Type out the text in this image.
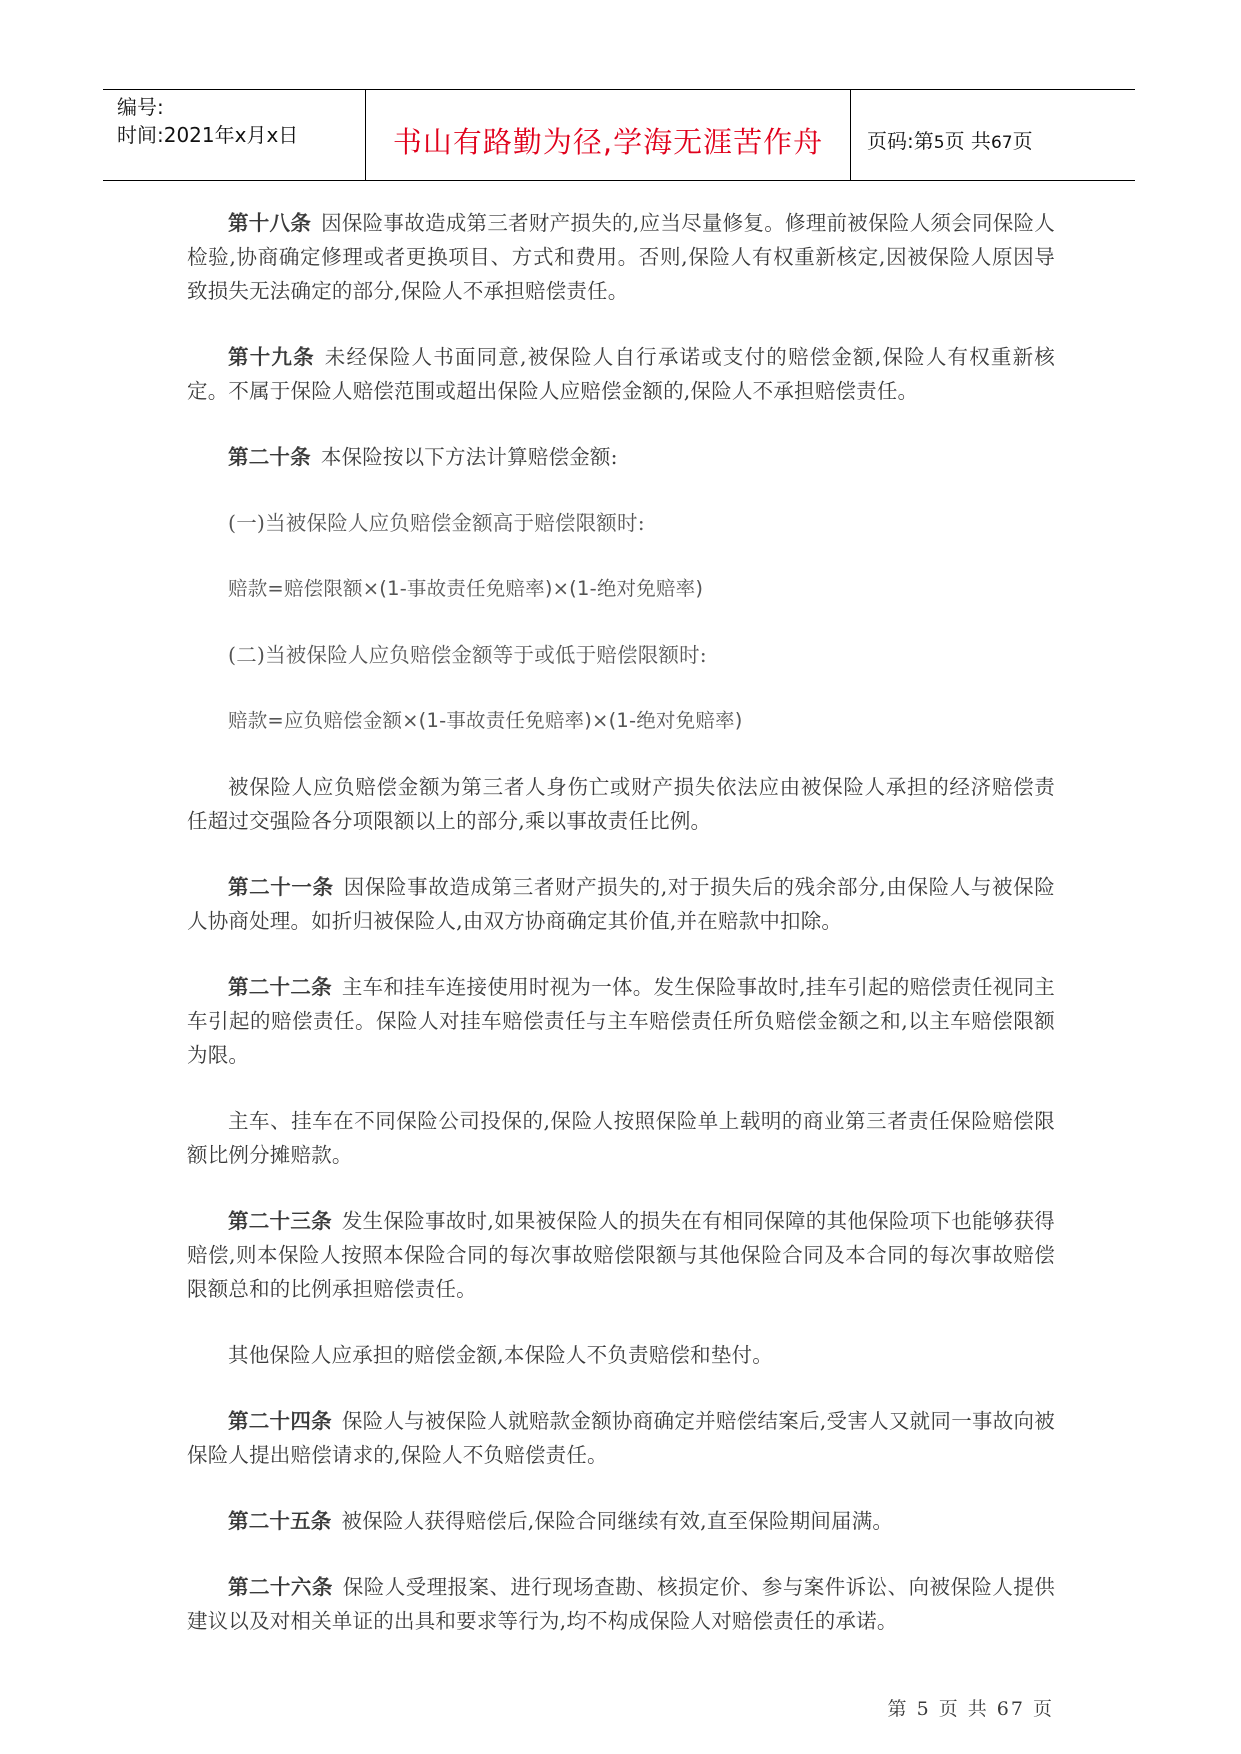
编号:
时间:2021年x月x日	书山有路勤为径,学海无涯苦作舟	页码:第5页 共67页

第十八条 因保险事故造成第三者财产损失的,应当尽量修复。修理前被保险人须会同保险人检验,协商确定修理或者更换项目、方式和费用。否则,保险人有权重新核定,因被保险人原因导致损失无法确定的部分,保险人不承担赔偿责任。

第十九条 未经保险人书面同意,被保险人自行承诺或支付的赔偿金额,保险人有权重新核定。不属于保险人赔偿范围或超出保险人应赔偿金额的,保险人不承担赔偿责任。

第二十条 本保险按以下方法计算赔偿金额:

(一)当被保险人应负赔偿金额高于赔偿限额时:

赔款=赔偿限额×(1-事故责任免赔率)×(1-绝对免赔率)

(二)当被保险人应负赔偿金额等于或低于赔偿限额时:

赔款=应负赔偿金额×(1-事故责任免赔率)×(1-绝对免赔率)

被保险人应负赔偿金额为第三者人身伤亡或财产损失依法应由被保险人承担的经济赔偿责任超过交强险各分项限额以上的部分,乘以事故责任比例。

第二十一条 因保险事故造成第三者财产损失的,对于损失后的残余部分,由保险人与被保险人协商处理。如折归被保险人,由双方协商确定其价值,并在赔款中扣除。

第二十二条 主车和挂车连接使用时视为一体。发生保险事故时,挂车引起的赔偿责任视同主车引起的赔偿责任。保险人对挂车赔偿责任与主车赔偿责任所负赔偿金额之和,以主车赔偿限额为限。

主车、挂车在不同保险公司投保的,保险人按照保险单上载明的商业第三者责任保险赔偿限额比例分摊赔款。

第二十三条 发生保险事故时,如果被保险人的损失在有相同保障的其他保险项下也能够获得赔偿,则本保险人按照本保险合同的每次事故赔偿限额与其他保险合同及本合同的每次事故赔偿限额总和的比例承担赔偿责任。

其他保险人应承担的赔偿金额,本保险人不负责赔偿和垫付。

第二十四条 保险人与被保险人就赔款金额协商确定并赔偿结案后,受害人又就同一事故向被保险人提出赔偿请求的,保险人不负赔偿责任。

第二十五条 被保险人获得赔偿后,保险合同继续有效,直至保险期间届满。

第二十六条 保险人受理报案、进行现场查勘、核损定价、参与案件诉讼、向被保险人提供建议以及对相关单证的出具和要求等行为,均不构成保险人对赔偿责任的承诺。

第 5 页 共 67 页
